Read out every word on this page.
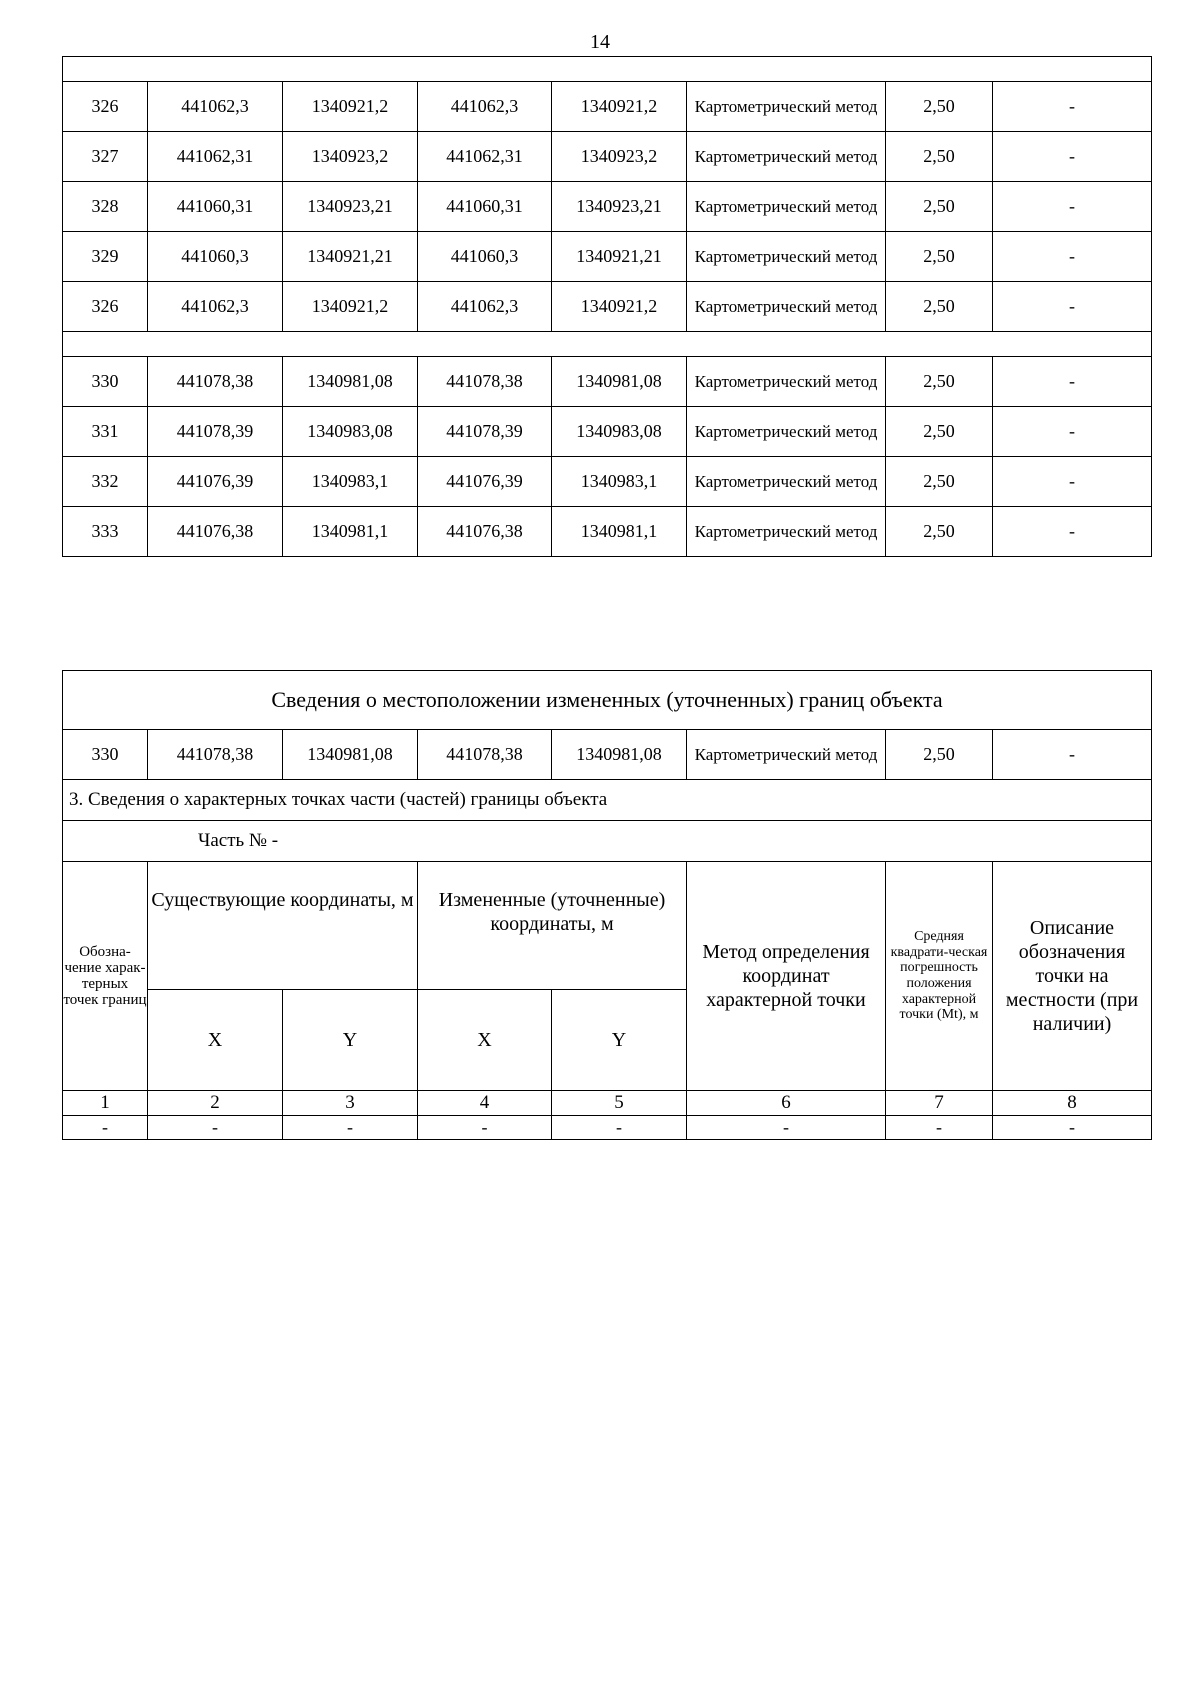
14

326	441062,3	1340921,2	441062,3	1340921,2	Картометрический метод	2,50	-
327	441062,31	1340923,2	441062,31	1340923,2	Картометрический метод	2,50	-
328	441060,31	1340923,21	441060,31	1340923,21	Картометрический метод	2,50	-
329	441060,3	1340921,21	441060,3	1340921,21	Картометрический метод	2,50	-
326	441062,3	1340921,2	441062,3	1340921,2	Картометрический метод	2,50	-

330	441078,38	1340981,08	441078,38	1340981,08	Картометрический метод	2,50	-
331	441078,39	1340983,08	441078,39	1340983,08	Картометрический метод	2,50	-
332	441076,39	1340983,1	441076,39	1340983,1	Картометрический метод	2,50	-
333	441076,38	1340981,1	441076,38	1340981,1	Картометрический метод	2,50	-
Сведения о местоположении измененных (уточненных) границ объекта							
330	441078,38	1340981,08	441078,38	1340981,08	Картометрический метод	2,50	-
3. Сведения о характерных точках части (частей) границы объекта							
Часть № -							
Обозна-чение харак-терных точек границ	Существующие координаты, м		Измененные (уточненные) координаты, м		Метод определения координат характерной точки	Средняя квадрати-ческая погрешность положения характерной точки (Mt), м	Описание обозначения точки на местности (при наличии)
	X	Y	X	Y			
1	2	3	4	5	6	7	8
-	-	-	-	-	-	-	-
